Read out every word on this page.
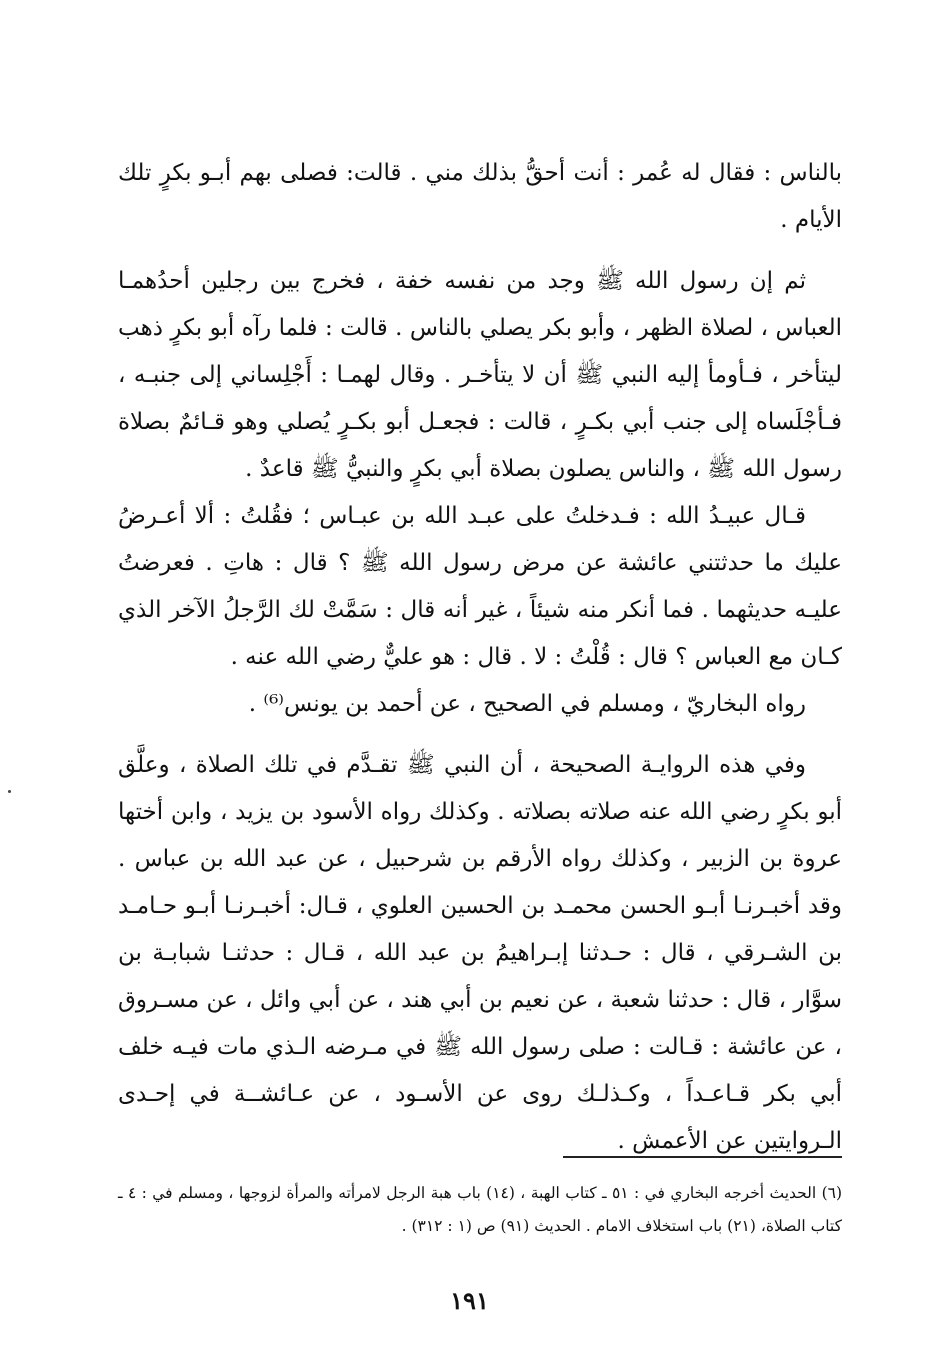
بالناس : فقال له عُمر : أنت أحقُّ بذلك مني . قالت: فصلى بهم أبـو بكرٍ تلك الأيام .

ثم إن رسول الله ﷺ وجد من نفسه خفة ، فخرج بين رجلين أحدُهمـا العباس ، لصلاة الظهر ، وأبو بكر يصلي بالناس . قالت : فلما رآه أبو بكرٍ ذهب ليتأخر ، فـأومأ إليه النبي ﷺ أن لا يتأخـر . وقال لهمـا : أَجْلِساني إلى جنبـه ، فـأجْلَساه إلى جنب أبي بكـرٍ ، قالت : فجعـل أبو بكـرٍ يُصلي وهو قـائمٌ بصلاة رسول الله ﷺ ، والناس يصلون بصلاة أبي بكرٍ والنبيُّ ﷺ قاعدٌ .

قـال عبيـدُ الله : فـدخلتُ على عبـد الله بن عبـاس ؛ فقُلتُ : ألا أعـرضُ عليك ما حدثتني عائشة عن مرض رسول الله ﷺ ؟ قال : هاتِ . فعرضتُ عليـه حديثهما . فما أنكر منه شيئاً ، غير أنه قال : سَمَّتْ لك الرَّجلُ الآخر الذي كـان مع العباس ؟ قال : قُلْتُ : لا . قال : هو عليٌّ رضي الله عنه .

رواه البخاريّ ، ومسلم في الصحيح ، عن أحمد بن يونس⁽⁶⁾ .

وفي هذه الروايـة الصحيحة ، أن النبي ﷺ تقـدَّم في تلك الصلاة ، وعلَّق أبو بكرٍ رضي الله عنه صلاته بصلاته . وكذلك رواه الأسود بن يزيد ، وابن أختها عروة بن الزبير ، وكذلك رواه الأرقم بن شرحبيل ، عن عبد الله بن عباس . وقد أخبـرنـا أبـو الحسن محمـد بن الحسين العلوي ، قـال: أخبـرنـا أبـو حـامـد بن الشـرقي ، قال : حـدثنا إبـراهيمُ بن عبد الله ، قـال : حدثنـا شبابـة بن سوَّار ، قال : حدثنا شعبة ، عن نعيم بن أبي هند ، عن أبي وائل ، عن مسـروق ، عن عائشة : قـالت : صلى رسول الله ﷺ في مـرضه الـذي مات فيـه خلف أبي بكر قـاعـداً ، وكـذلـك روى عن الأسـود ، عن عـائشــة في إحـدى الـروايتين عن الأعمش .

(٦) الحديث أخرجه البخاري في : ٥١ ـ كتاب الهبة ، (١٤) باب هبة الرجل لامرأته والمرأة لزوجها ، ومسلم في : ٤ ـ كتاب الصلاة، (٢١) باب استخلاف الامام . الحديث (٩١) ص (١ : ٣١٢) .

١٩١
